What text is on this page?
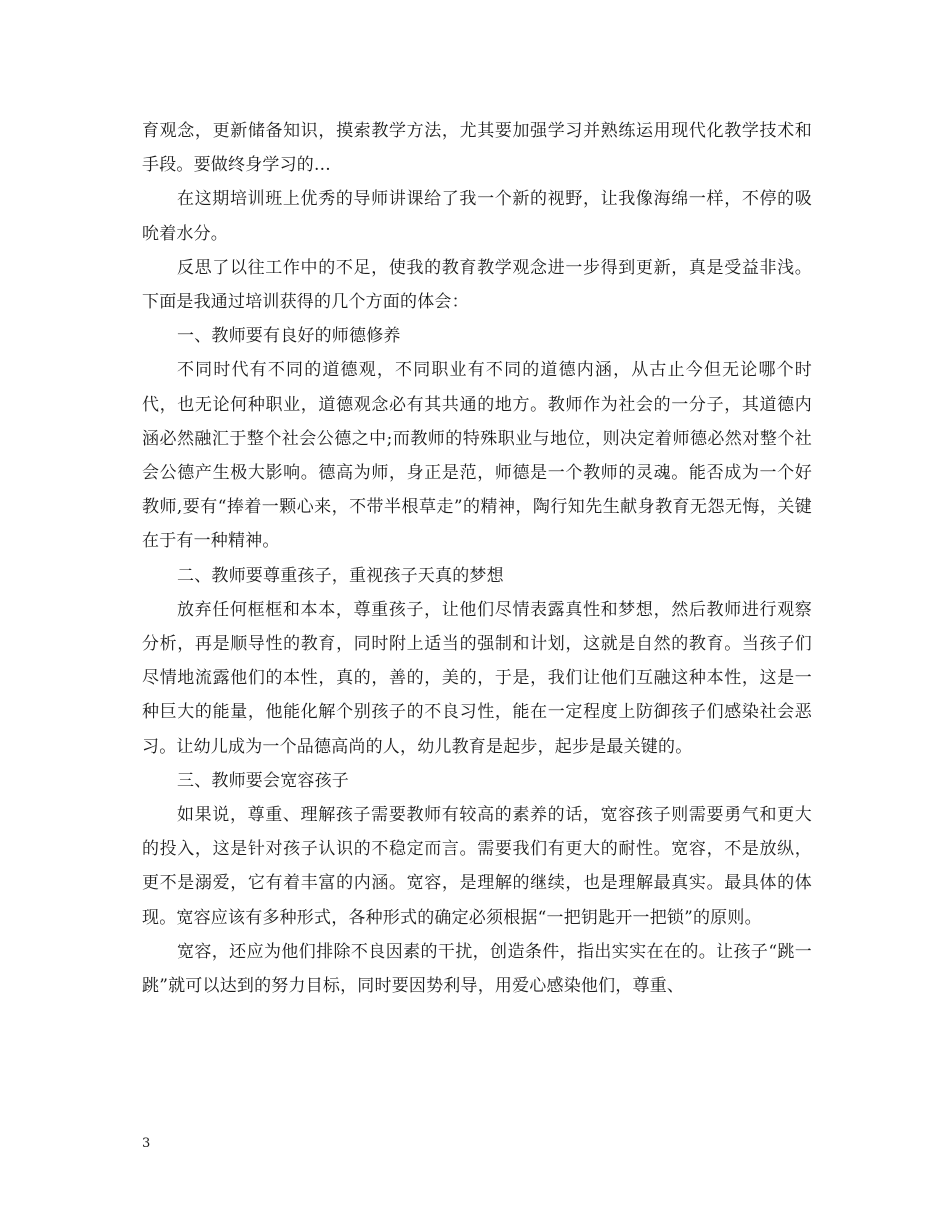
育观念，更新储备知识，摸索教学方法，尤其要加强学习并熟练运用现代化教学技术和手段。要做终身学习的...

在这期培训班上优秀的导师讲课给了我一个新的视野，让我像海绵一样，不停的吸吮着水分。

反思了以往工作中的不足，使我的教育教学观念进一步得到更新，真是受益非浅。下面是我通过培训获得的几个方面的体会：

一、教师要有良好的师德修养

不同时代有不同的道德观，不同职业有不同的道德内涵，从古止今但无论哪个时代，也无论何种职业，道德观念必有其共通的地方。教师作为社会的一分子，其道德内涵必然融汇于整个社会公德之中;而教师的特殊职业与地位，则决定着师德必然对整个社会公德产生极大影响。德高为师，身正是范，师德是一个教师的灵魂。能否成为一个好教师,要有“捧着一颗心来，不带半根草走”的精神，陶行知先生献身教育无怨无悔，关键在于有一种精神。

二、教师要尊重孩子，重视孩子天真的梦想

放弃任何框框和本本，尊重孩子，让他们尽情表露真性和梦想，然后教师进行观察分析，再是顺导性的教育，同时附上适当的强制和计划，这就是自然的教育。当孩子们尽情地流露他们的本性，真的，善的，美的，于是，我们让他们互融这种本性，这是一种巨大的能量，他能化解个别孩子的不良习性，能在一定程度上防御孩子们感染社会恶习。让幼儿成为一个品德高尚的人，幼儿教育是起步，起步是最关键的。

三、教师要会宽容孩子

如果说，尊重、理解孩子需要教师有较高的素养的话，宽容孩子则需要勇气和更大的投入，这是针对孩子认识的不稳定而言。需要我们有更大的耐性。宽容，不是放纵，更不是溺爱，它有着丰富的内涵。宽容，是理解的继续，也是理解最真实。最具体的体现。宽容应该有多种形式，各种形式的确定必须根据“一把钥匙开一把锁”的原则。

宽容，还应为他们排除不良因素的干扰，创造条件，指出实实在在的。让孩子“跳一跳”就可以达到的努力目标，同时要因势利导，用爱心感染他们，尊重、

3
